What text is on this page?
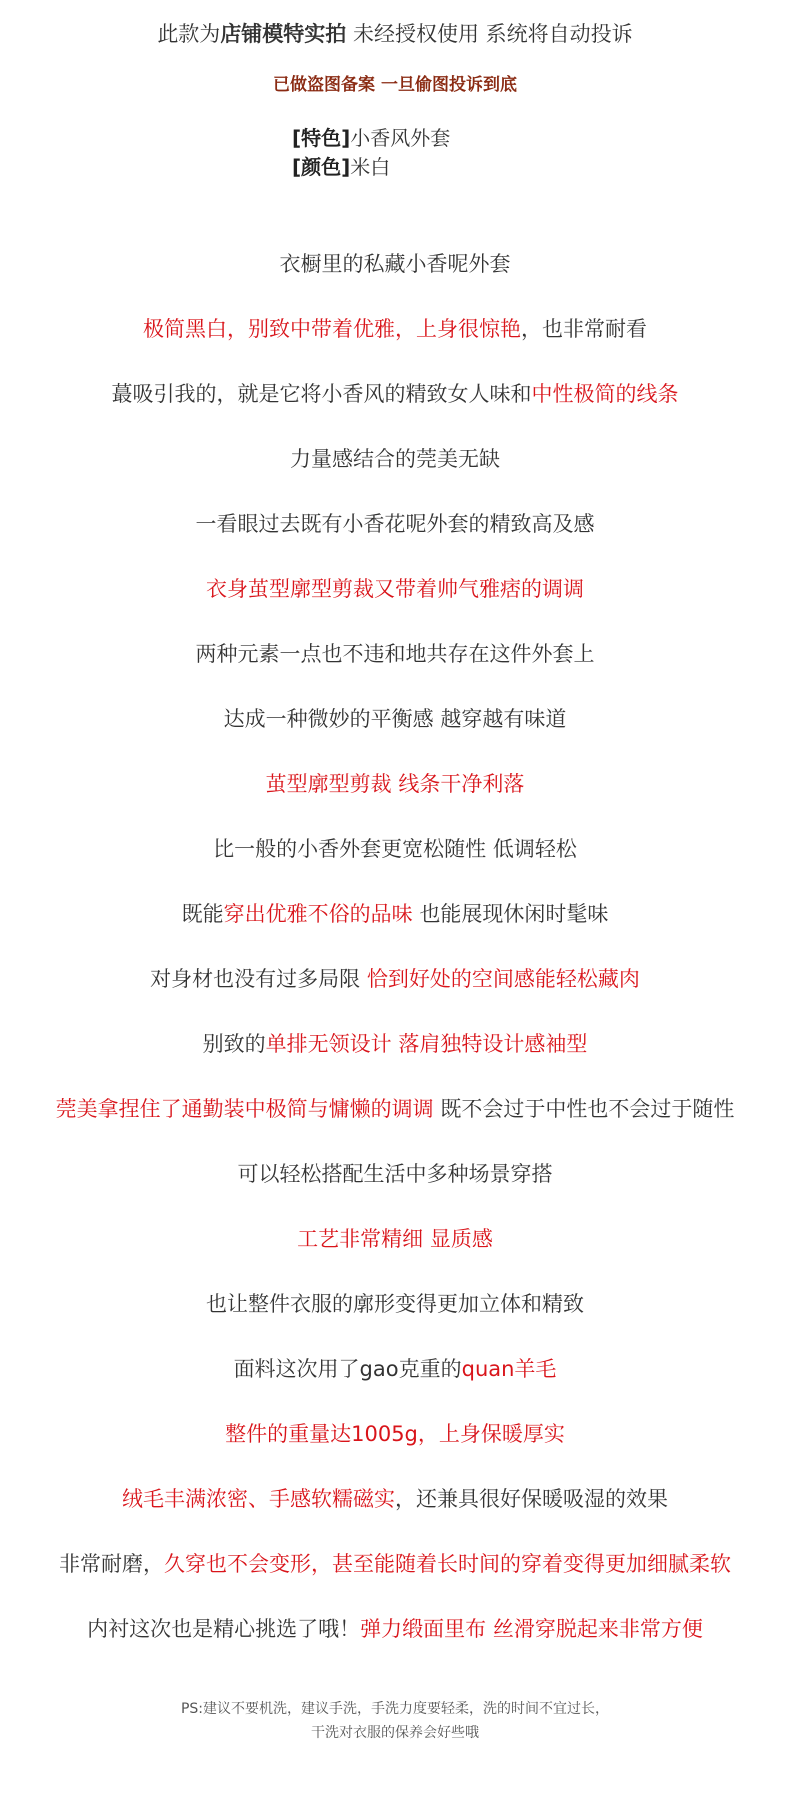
此款为店铺模特实拍 未经授权使用 系统将自动投诉
已做盗图备案 一旦偷图投诉到底
[特色]小香风外套
[颜色]米白
衣橱里的私藏小香呢外套
极简黑白，别致中带着优雅，上身很惊艳，也非常耐看
蕞吸引我的，就是它将小香风的精致女人味和中性极简的线条
力量感结合的莞美无缺
一看眼过去既有小香花呢外套的精致高及感
衣身茧型廓型剪裁又带着帅气雅痞的调调
两种元素一点也不违和地共存在这件外套上
达成一种微妙的平衡感 越穿越有味道
茧型廓型剪裁 线条干净利落
比一般的小香外套更宽松随性 低调轻松
既能穿出优雅不俗的品味 也能展现休闲时髦味
对身材也没有过多局限 恰到好处的空间感能轻松藏肉
别致的单排无领设计 落肩独特设计感袖型
莞美拿捏住了通勤装中极简与慵懒的调调 既不会过于中性也不会过于随性
可以轻松搭配生活中多种场景穿搭
工艺非常精细 显质感
也让整件衣服的廓形变得更加立体和精致
面料这次用了gao克重的quan羊毛
整件的重量达1005g，上身保暖厚实
绒毛丰满浓密、手感软糯磁实，还兼具很好保暖吸湿的效果
非常耐磨，久穿也不会变形，甚至能随着长时间的穿着变得更加细腻柔软
内衬这次也是精心挑选了哦！弹力缎面里布 丝滑穿脱起来非常方便
PS:建议不要机洗，建议手洗，手洗力度要轻柔，洗的时间不宜过长，
干洗对衣服的保养会好些哦
